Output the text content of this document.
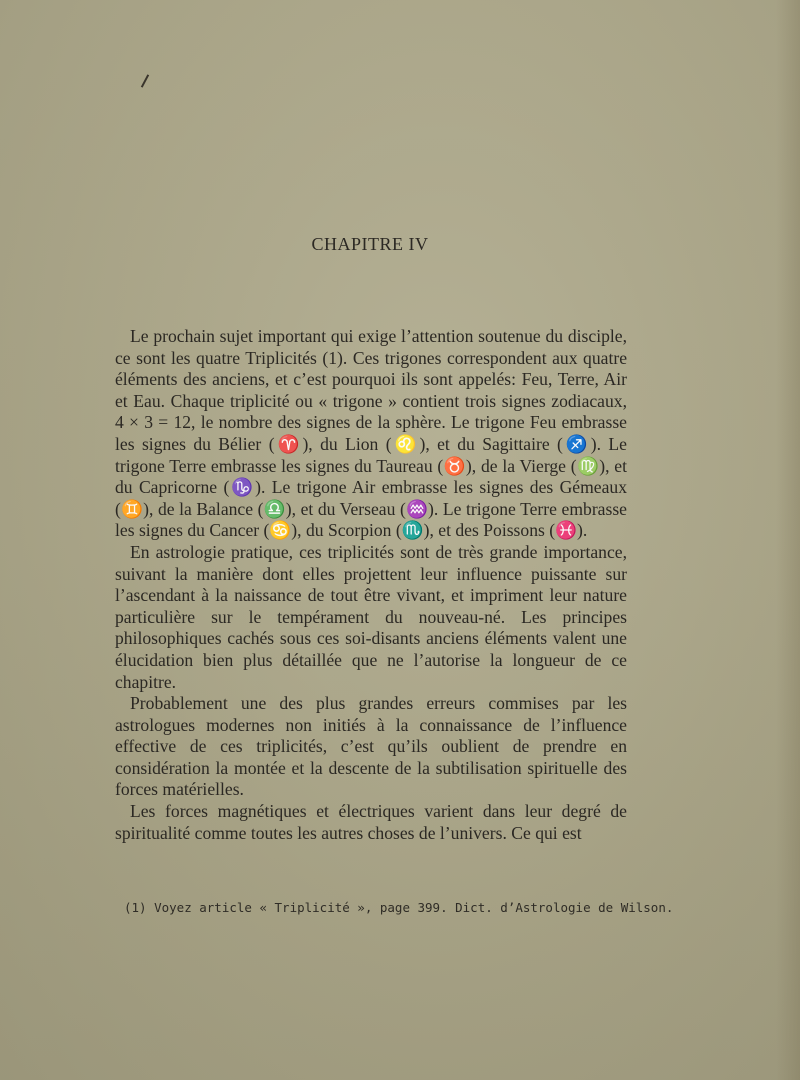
CHAPITRE IV

Le prochain sujet important qui exige l’attention soutenue du disciple, ce sont les quatre Triplicités (1). Ces trigones correspondent aux quatre éléments des anciens, et c’est pourquoi ils sont appelés: Feu, Terre, Air et Eau. Chaque triplicité ou « trigone » contient trois signes zodiacaux, 4 × 3 = 12, le nombre des signes de la sphère. Le trigone Feu embrasse les signes du Bélier (♈), du Lion (♌), et du Sagittaire (♐). Le trigone Terre embrasse les signes du Taureau (♉), de la Vierge (♍), et du Capricorne (♑). Le trigone Air embrasse les signes des Gémeaux (♊), de la Balance (♎), et du Verseau (♒). Le trigone Terre embrasse les signes du Cancer (♋), du Scorpion (♏), et des Poissons (♓).

En astrologie pratique, ces triplicités sont de très grande importance, suivant la manière dont elles projettent leur influence puissante sur l’ascendant à la naissance de tout être vivant, et impriment leur nature particulière sur le tempérament du nouveau-né. Les principes philosophiques cachés sous ces soi-disants anciens éléments valent une élucidation bien plus détaillée que ne l’autorise la longueur de ce chapitre.

Probablement une des plus grandes erreurs commises par les astrologues modernes non initiés à la connaissance de l’influence effective de ces triplicités, c’est qu’ils oublient de prendre en considération la montée et la descente de la subtilisation spirituelle des forces matérielles.

Les forces magnétiques et électriques varient dans leur degré de spiritualité comme toutes les autres choses de l’univers. Ce qui est

(1) Voyez article « Triplicité », page 399. Dict. d’Astrologie de Wilson.
